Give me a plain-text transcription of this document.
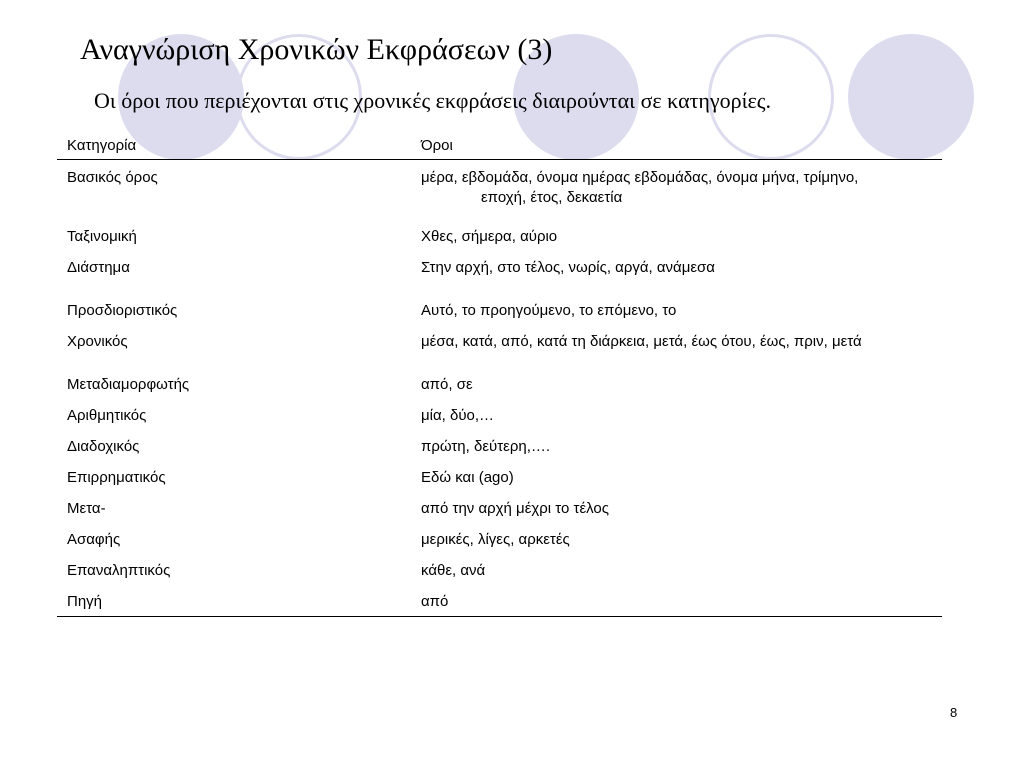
Αναγνώριση Χρονικών Εκφράσεων (3)

Οι όροι που περιέχονται στις χρονικές εκφράσεις διαιρούνται σε κατηγορίες.

Κατηγορία	Όροι
Βασικός όρος	μέρα, εβδομάδα, όνομα ημέρας εβδομάδας, όνομα μήνα, τρίμηνο,
εποχή, έτος, δεκαετία

Ταξινομική	Χθες, σήμερα, αύριο
Διάστημα	Στην αρχή, στο τέλος, νωρίς, αργά, ανάμεσα
Προσδιοριστικός	Αυτό, το προηγούμενο, το επόμενο, το
Χρονικός	μέσα, κατά, από, κατά τη διάρκεια, μετά, έως ότου, έως, πριν, μετά
Μεταδιαμορφωτής	από, σε
Αριθμητικός	μία, δύο,…
Διαδοχικός	πρώτη, δεύτερη,….
Επιρρηματικός	Εδώ και (ago)
Μετα-	από την αρχή μέχρι το τέλος
Ασαφής	μερικές, λίγες, αρκετές
Επαναληπτικός	κάθε, ανά
Πηγή	από
8
